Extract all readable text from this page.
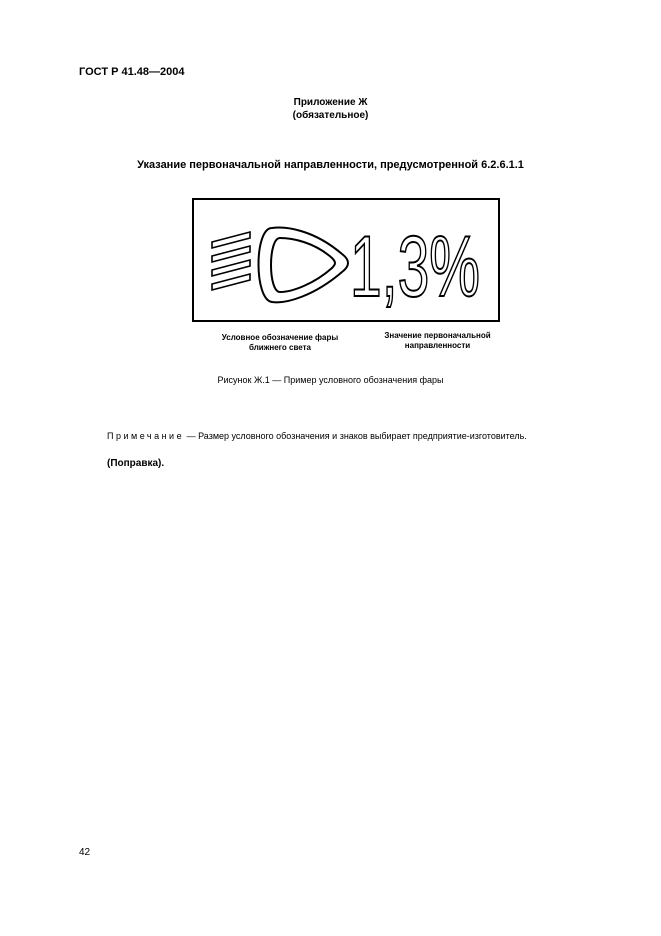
ГОСТ Р 41.48—2004
Приложение Ж
(обязательное)
Указание первоначальной направленности, предусмотренной 6.2.6.1.1
1,3%
Условное обозначение фары
ближнего света
Значение первоначальной
направленности
Рисунок Ж.1 — Пример условного обозначения фары
Примечание — Размер условного обозначения и знаков выбирает предприятие-изготовитель.
(Поправка).
42
